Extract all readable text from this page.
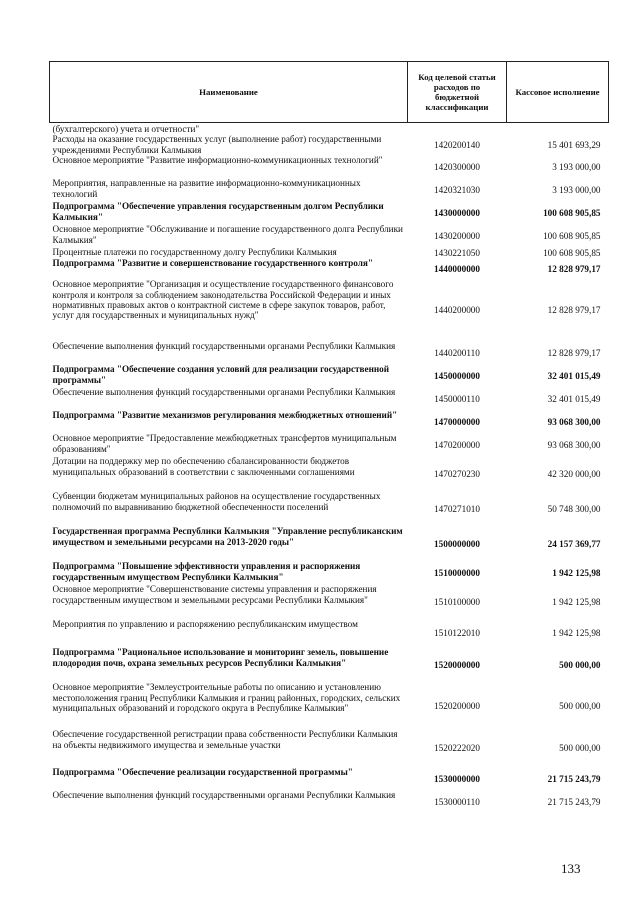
Наименование	Код целевой статьи расходов по бюджетной классификации	Кассовое исполнение
(бухгалтерского) учета и отчетности"		
Расходы на оказание государственных услуг (выполнение работ) государственными учреждениями Республики Калмыкия	1420200140	15 401 693,29
Основное мероприятие "Развитие информационно-коммуникационных технологий"	1420300000	3 193 000,00
Мероприятия, направленные на развитие информационно-коммуникационных технологий	1420321030	3 193 000,00
Подпрограмма "Обеспечение управления государственным долгом Республики Калмыкия"	1430000000	100 608 905,85
Основное мероприятие "Обслуживание и погашение государственного долга Республики Калмыкия"	1430200000	100 608 905,85
Процентные платежи по государственному долгу Республики Калмыкия	1430221050	100 608 905,85
Подпрограмма "Развитие и совершенствование государственного контроля"	1440000000	12 828 979,17
Основное мероприятие "Организация и осуществление государственного финансового контроля и контроля за соблюдением законодательства Российской Федерации и иных нормативных правовых актов о контрактной системе в сфере закупок товаров, работ, услуг для государственных и муниципальных нужд"	1440200000	12 828 979,17
Обеспечение выполнения функций государственными органами Республики Калмыкия	1440200110	12 828 979,17
Подпрограмма "Обеспечение создания условий для реализации государственной программы"	1450000000	32 401 015,49
Обеспечение выполнения функций государственными органами Республики Калмыкия	1450000110	32 401 015,49
Подпрограмма "Развитие механизмов регулирования межбюджетных отношений"	1470000000	93 068 300,00
Основное мероприятие "Предоставление межбюджетных трансфертов муниципальным образованиям"	1470200000	93 068 300,00
Дотации на поддержку мер по обеспечению сбалансированности бюджетов муниципальных образований в соответствии с заключенными соглашениями	1470270230	42 320 000,00
Субвенции бюджетам муниципальных районов на осуществление государственных полномочий по выравниванию бюджетной обеспеченности поселений	1470271010	50 748 300,00
Государственная программа Республики Калмыкия "Управление республиканским имуществом и земельными ресурсами на 2013-2020 годы"	1500000000	24 157 369,77
Подпрограмма "Повышение эффективности управления и распоряжения государственным имуществом Республики Калмыкия"	1510000000	1 942 125,98
Основное мероприятие "Совершенствование системы управления и распоряжения государственным имуществом и земельными ресурсами Республики Калмыкия"	1510100000	1 942 125,98
Мероприятия по управлению и распоряжению республиканским имуществом	1510122010	1 942 125,98
Подпрограмма "Рациональное использование и мониторинг земель, повышение плодородия почв, охрана земельных ресурсов Республики Калмыкия"	1520000000	500 000,00
Основное мероприятие "Землеустроительные работы по описанию и установлению местоположения границ Республики Калмыкия и границ районных, городских, сельских муниципальных образований и городского округа в Республике Калмыкия"	1520200000	500 000,00
Обеспечение государственной регистрации права собственности Республики Калмыкия на объекты недвижимого имущества и земельные участки	1520222020	500 000,00
Подпрограмма "Обеспечение реализации государственной программы"	1530000000	21 715 243,79
Обеспечение выполнения функций государственными органами Республики Калмыкия	1530000110	21 715 243,79
133
